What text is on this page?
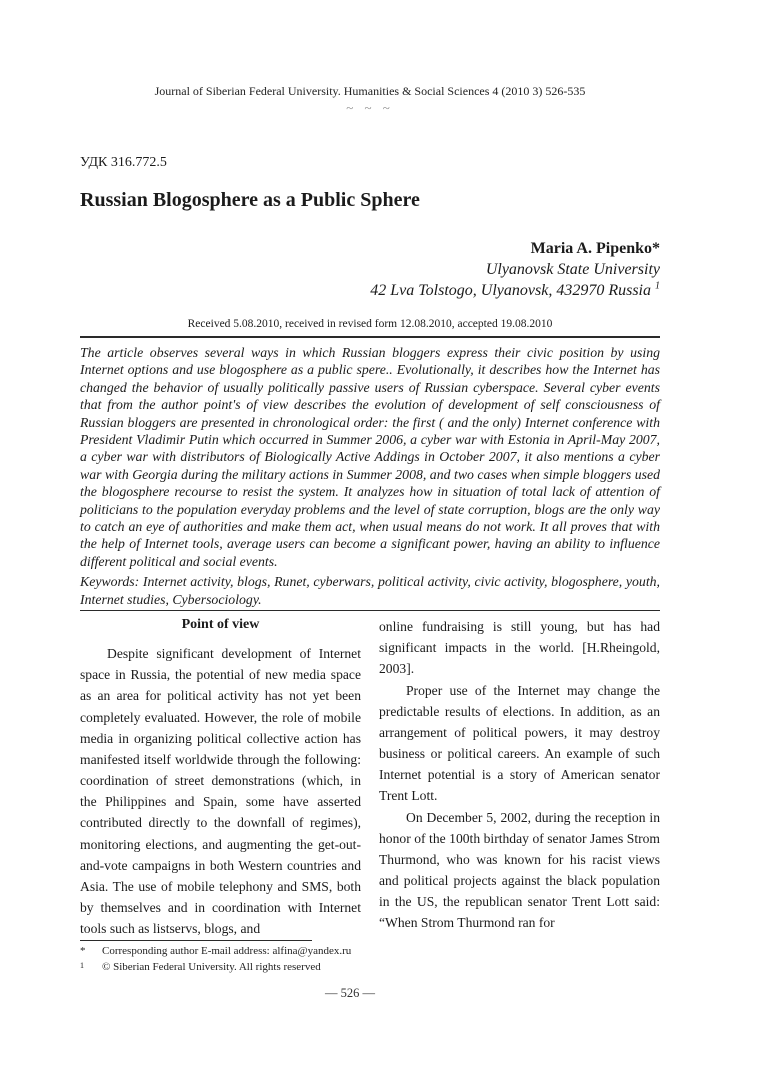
Journal of Siberian Federal University. Humanities & Social Sciences 4 (2010 3) 526-535
~ ~ ~
УДК 316.772.5
Russian Blogosphere as a Public Sphere
Maria A. Pipenko*
Ulyanovsk State University
42 Lva Tolstogo, Ulyanovsk, 432970 Russia $^1$
Received 5.08.2010, received in revised form 12.08.2010, accepted 19.08.2010

The article observes several ways in which Russian bloggers express their civic position by using Internet options and use blogosphere as a public spere.. Evolutionally, it describes how the Internet has changed the behavior of usually politically passive users of Russian cyberspace. Several cyber events that from the author point's of view describes the evolution of development of self consciousness of Russian bloggers are presented in chronological order: the first ( and the only) Internet conference with President Vladimir Putin which occurred in Summer 2006, a cyber war with Estonia in April-May 2007, a cyber war with distributors of Biologically Active Addings in October 2007, it also mentions a cyber war with Georgia during the military actions in Summer 2008, and two cases when simple bloggers used the blogosphere recourse to resist the system. It analyzes how in situation of total lack of attention of politicians to the population everyday problems and the level of state corruption, blogs are the only way to catch an eye of authorities and make them act, when usual means do not work. It all proves that with the help of Internet tools, average users can become a significant power, having an ability to influence different political and social events.

Keywords: Internet activity, blogs, Runet, cyberwars, political activity, civic activity, blogosphere, youth, Internet studies, Cybersociology.

Point of view

Despite significant development of Internet space in Russia, the potential of new media space as an area for political activity has not yet been completely evaluated. However, the role of mobile media in organizing political collective action has manifested itself worldwide through the following: coordination of street demonstrations (which, in the Philippines and Spain, some have asserted contributed directly to the downfall of regimes), monitoring elections, and augmenting the get-out-and-vote campaigns in both Western countries and Asia. The use of mobile telephony and SMS, both by themselves and in coordination with Internet tools such as listservs, blogs, and

online fundraising is still young, but has had significant impacts in the world. [H.Rheingold, 2003].

Proper use of the Internet may change the predictable results of elections. In addition, as an arrangement of political powers, it may destroy business or political careers. An example of such Internet potential is a story of American senator Trent Lott.

On December 5, 2002, during the reception in honor of the 100th birthday of senator James Strom Thurmond, who was known for his racist views and political projects against the black population in the US, the republican senator Trent Lott said: “When Strom Thurmond ran for

*	Corresponding author E-mail address: alfina@yandex.ru
1	© Siberian Federal University. All rights reserved
— 526 —
